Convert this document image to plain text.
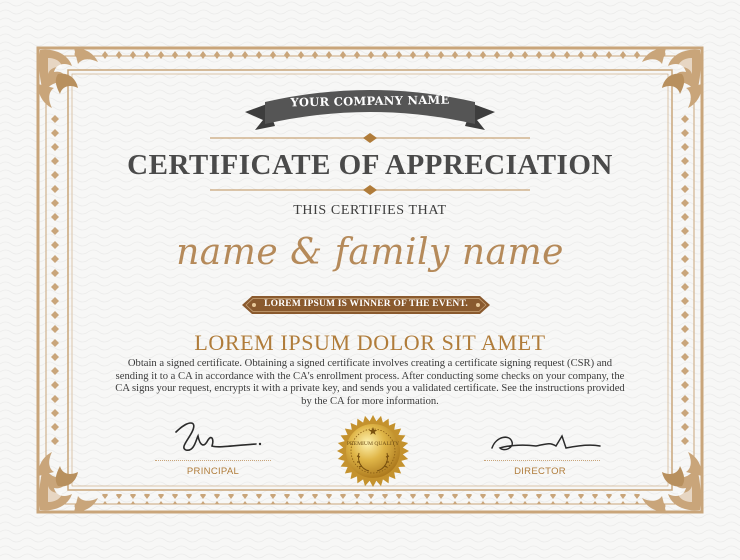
YOUR COMPANY NAME
CERTIFICATE OF APPRECIATION
THIS CERTIFIES THAT
name & family name
LOREM IPSUM IS WINNER OF THE EVENT.
LOREM IPSUM DOLOR SIT AMET
Obtain a signed certificate. Obtaining a signed certificate involves creating a certificate signing request (CSR) and sending it to a CA in accordance with the CA's enrollment process. After conducting some checks on your company, the CA signs your request, encrypts it with a private key, and sends you a validated certificate. See the instructions provided by the CA for more information.
PRINCIPAL	DIRECTOR
PREMIUM QUALITY
